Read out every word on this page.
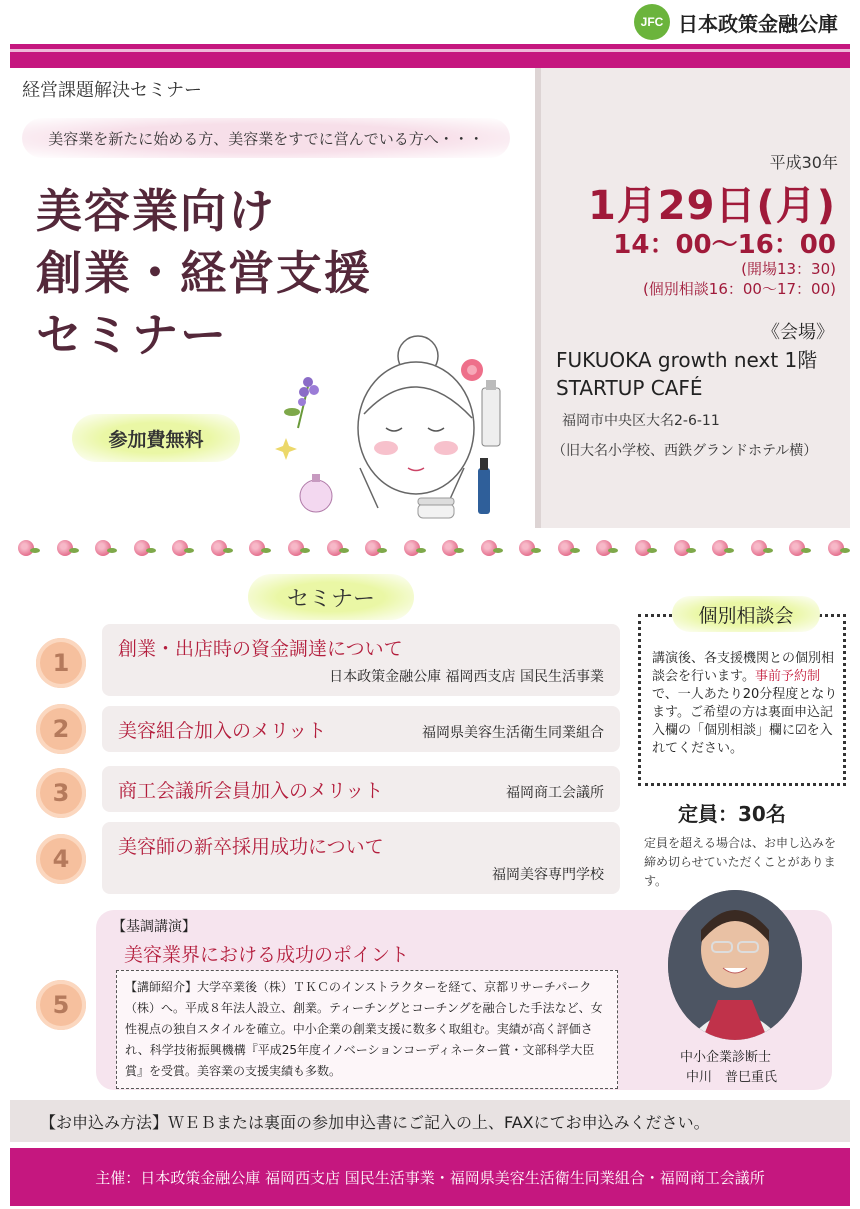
JFC 日本政策金融公庫
経営課題解決セミナー
美容業を新たに始める方、美容業をすでに営んでいる方へ・・・
美容業向け
創業・経営支援
セミナー
参加費無料
平成30年
1月29日(月)
14：00～16：00
(開場13：30)
(個別相談16：00～17：00)
《会場》
FUKUOKA growth next 1階
STARTUP CAFÉ
福岡市中央区大名2-6-11
（旧大名小学校、西鉄グランドホテル横）
セミナー
1	創業・出店時の資金調達について
日本政策金融公庫 福岡西支店 国民生活事業
2	美容組合加入のメリット	福岡県美容生活衛生同業組合
3	商工会議所会員加入のメリット	福岡商工会議所
4	美容師の新卒採用成功について
福岡美容専門学校
5
【基調講演】
美容業界における成功のポイント
【講師紹介】大学卒業後（株）ＴＫＣのインストラクターを経て、京都リサーチパーク（株）へ。平成８年法人設立、創業。ティーチングとコーチングを融合した手法など、女性視点の独自スタイルを確立。中小企業の創業支援に数多く取組む。実績が高く評価され、科学技術振興機構『平成25年度イノベーションコーディネーター賞・文部科学大臣賞』を受賞。美容業の支援実績も多数。
中小企業診断士
中川　普巳重氏
個別相談会
講演後、各支援機関との個別相談会を行います。事前予約制で、一人あたり20分程度となります。ご希望の方は裏面申込記入欄の「個別相談」欄に☑を入れてください。
定員：30名
定員を超える場合は、お申し込みを締め切らせていただくことがあります。
【お申込み方法】ＷＥＢまたは裏面の参加申込書にご記入の上、FAXにてお申込みください。
主催：日本政策金融公庫 福岡西支店 国民生活事業・福岡県美容生活衛生同業組合・福岡商工会議所
